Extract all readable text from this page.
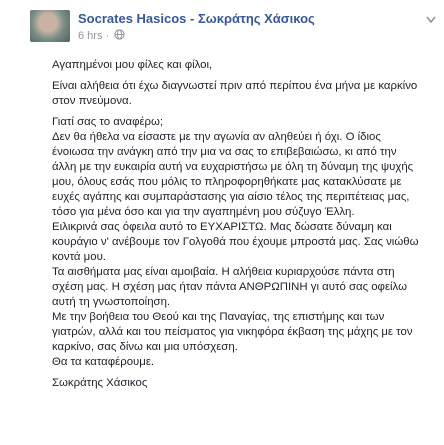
Socrates Hasicos - Σωκράτης Χάσικος
6 hrs ·

Αγαπημένοι μου φίλες και φίλοι,

Είναι αλήθεια ότι έχω διαγνωστεί πριν από περίπου ένα μήνα με καρκίνο στον πνεύμονα.

Γιατί σας το αναφέρω;

Δεν θα ήθελα να είσαστε με την αγωνία αν αληθεύει ή όχι. Ο ίδιος ένοιωσα την ανάγκη από την μια να σας το επιβεβαιώσω, κι από την άλλη με την ευκαιρία αυτή να ευχαριστήσω με όλη τη δύναμη της ψυχής μου, όλους εσάς που μόλις το πληροφορηθήκατε μας κατακλύσατε με ευχές αγάπης και συμπαράστασης για αίσιο τέλος της περιπέτειας μας, τόσο για μένα όσο και για την αγαπημένη μου σύζυγο Έλλη.

Ειλικρινά σας όφειλα αυτό το ΕΥΧΑΡΙΣΤΩ. Μας δώσατε δύναμη και κουράγιο ν' ανέβουμε τον Γολγοθά που έχουμε μπροστά μας. Σας νιώθω κοντά μου.

Τα αισθήματα μας είναι αμοιβαία. Η αλήθεια κυριαρχούσε πάντα στη σχέση μας. Η σχέση μας ήταν πάντα ΑΝΘΡΩΠΙΝΗ γι αυτό σας οφείλω αυτή τη γνωστοποίηση.

Με την βοήθεια του Θεού και της Παναγίας, της επιστήμης και των γιατρών, αλλά και του πείσματος για νικηφόρα έκβαση της μάχης με τον καρκίνο, σας δίνω και μια υπόσχεση.

Θα τα καταφέρουμε.

Σωκράτης Χάσικος
